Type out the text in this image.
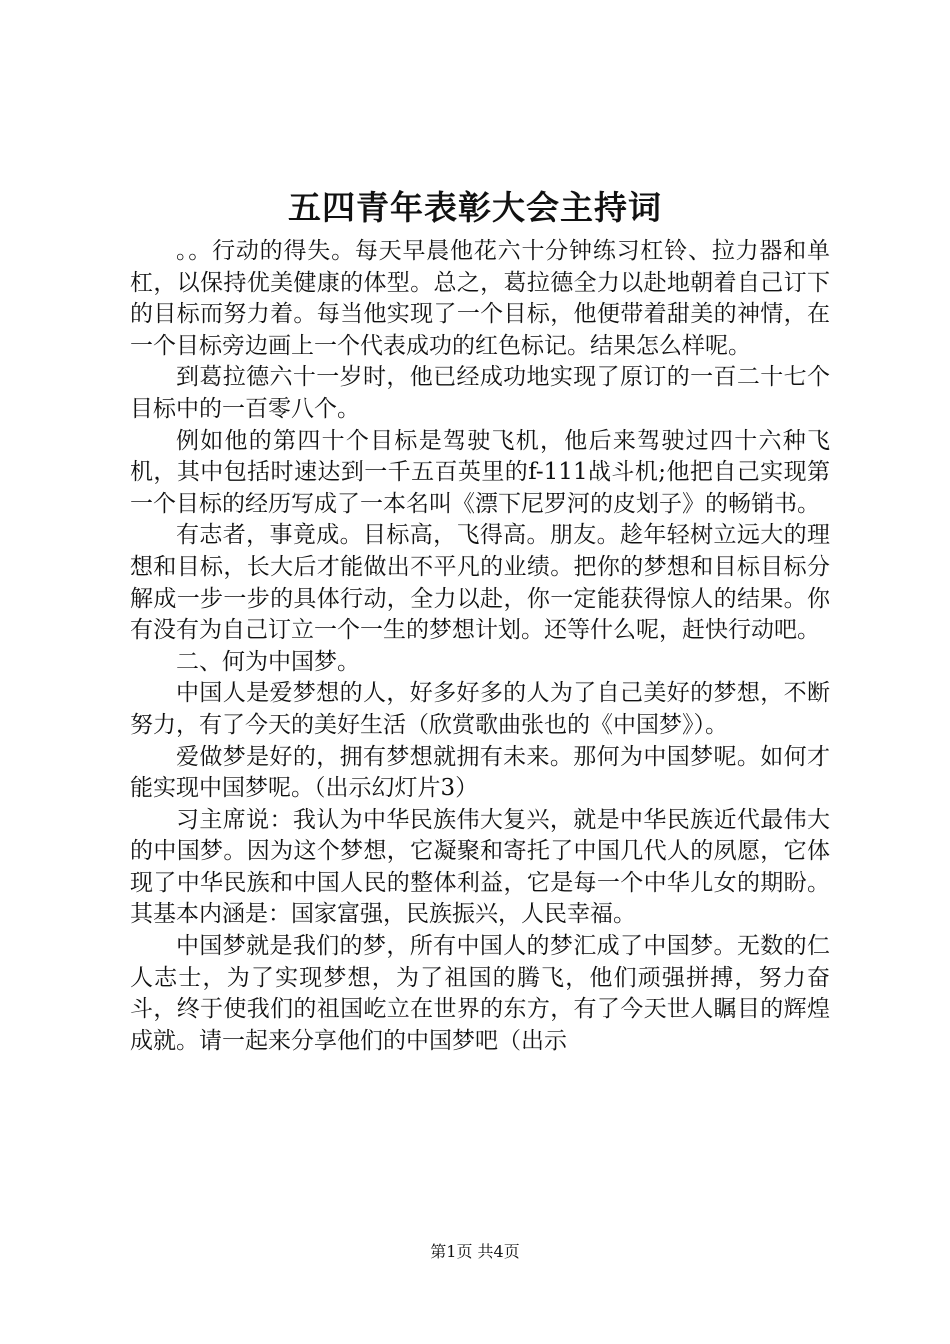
五四青年表彰大会主持词

。。行动的得失。每天早晨他花六十分钟练习杠铃、拉力器和单杠，以保持优美健康的体型。总之，葛拉德全力以赴地朝着自己订下的目标而努力着。每当他实现了一个目标，他便带着甜美的神情，在一个目标旁边画上一个代表成功的红色标记。结果怎么样呢。

到葛拉德六十一岁时，他已经成功地实现了原订的一百二十七个目标中的一百零八个。

例如他的第四十个目标是驾驶飞机，他后来驾驶过四十六种飞机，其中包括时速达到一千五百英里的f-111战斗机;他把自己实现第一个目标的经历写成了一本名叫《漂下尼罗河的皮划子》的畅销书。

有志者，事竟成。目标高，飞得高。朋友。趁年轻树立远大的理想和目标，长大后才能做出不平凡的业绩。把你的梦想和目标目标分解成一步一步的具体行动，全力以赴，你一定能获得惊人的结果。你有没有为自己订立一个一生的梦想计划。还等什么呢，赶快行动吧。

二、何为中国梦。

中国人是爱梦想的人，好多好多的人为了自己美好的梦想，不断努力，有了今天的美好生活（欣赏歌曲张也的《中国梦》）。

爱做梦是好的，拥有梦想就拥有未来。那何为中国梦呢。如何才能实现中国梦呢。（出示幻灯片3）

习主席说：我认为中华民族伟大复兴，就是中华民族近代最伟大的中国梦。因为这个梦想，它凝聚和寄托了中国几代人的夙愿，它体现了中华民族和中国人民的整体利益，它是每一个中华儿女的期盼。其基本内涵是：国家富强，民族振兴，人民幸福。

中国梦就是我们的梦，所有中国人的梦汇成了中国梦。无数的仁人志士，为了实现梦想，为了祖国的腾飞，他们顽强拼搏，努力奋斗，终于使我们的祖国屹立在世界的东方，有了今天世人瞩目的辉煌成就。请一起来分享他们的中国梦吧（出示

第1页 共4页
